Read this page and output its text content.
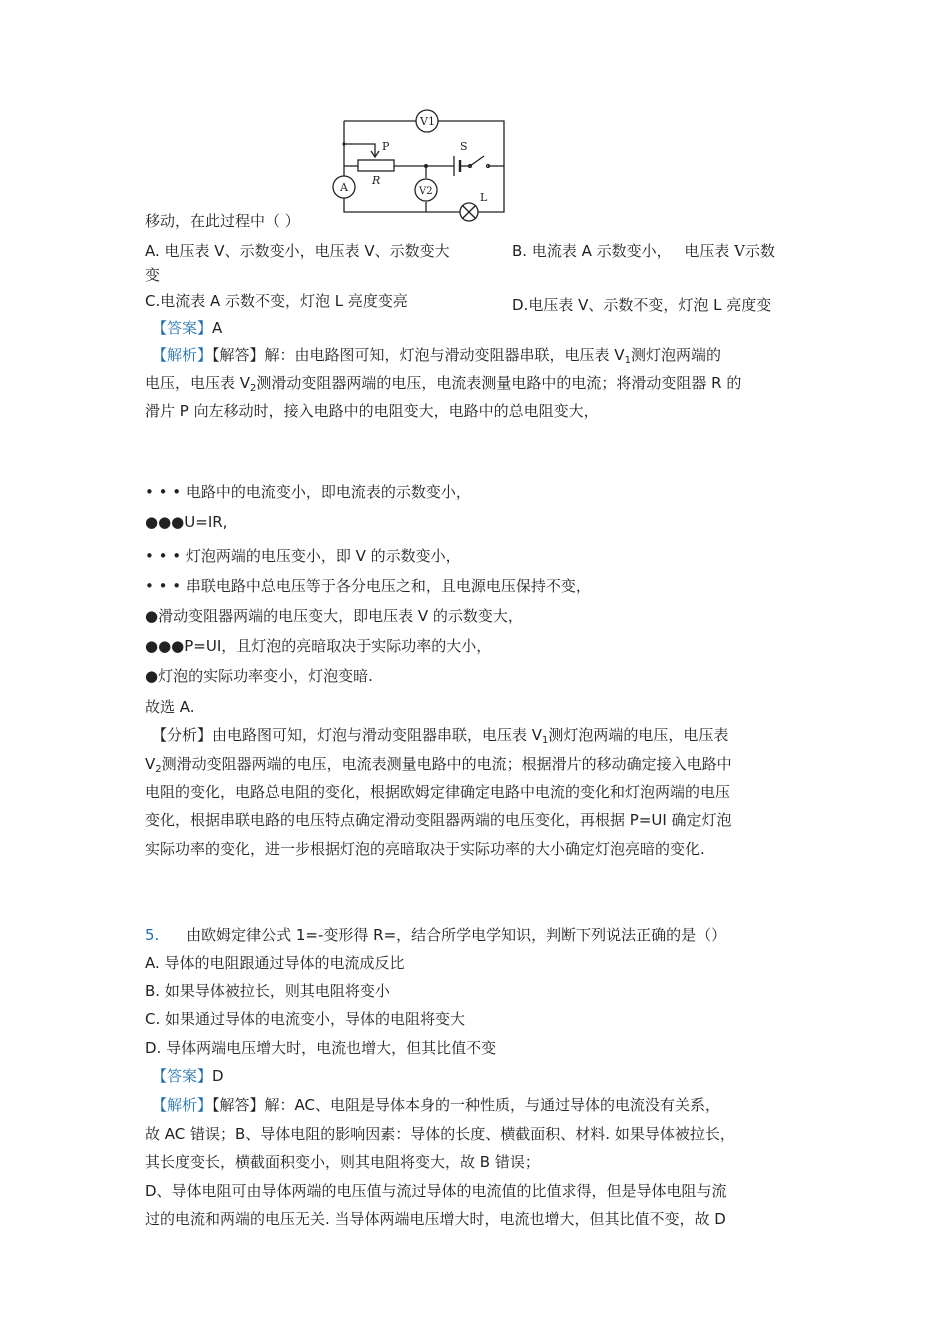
V1
P	S
A
R
V2	L
移动，在此过程中（ ）
A. 电压表 V、示数变小，电压表 V、示数变大	B. 电流表 A 示数变小， 电压表 V示数
变
C.电流表 A 示数不变，灯泡 L 亮度变亮	D.电压表 V、示数不变，灯泡 L 亮度变
【答案】A
【解析】【解答】解：由电路图可知，灯泡与滑动变阻器串联，电压表 $V_1$测灯泡两端的
电压，电压表 $V_2$测滑动变阻器两端的电压，电流表测量电路中的电流；将滑动变阻器 R 的
滑片 P 向左移动时，接入电路中的电阻变大，电路中的总电阻变大，
• • • 电路中的电流变小，即电流表的示数变小，
●●●U=IR,
• • • 灯泡两端的电压变小，即 V 的示数变小，
• • • 串联电路中总电压等于各分电压之和，且电源电压保持不变，
●滑动变阻器两端的电压变大，即电压表 V 的示数变大，
●●●P=UI，且灯泡的亮暗取决于实际功率的大小，
●灯泡的实际功率变小，灯泡变暗.
故选 A.
【分析】由电路图可知，灯泡与滑动变阻器串联，电压表 $V_1$测灯泡两端的电压，电压表
$V_2$测滑动变阻器两端的电压，电流表测量电路中的电流；根据滑片的移动确定接入电路中
电阻的变化，电路总电阻的变化，根据欧姆定律确定电路中电流的变化和灯泡两端的电压
变化，根据串联电路的电压特点确定滑动变阻器两端的电压变化，再根据 P=UI 确定灯泡
实际功率的变化，进一步根据灯泡的亮暗取决于实际功率的大小确定灯泡亮暗的变化.
5. 由欧姆定律公式 1=-变形得 R=，结合所学电学知识，判断下列说法正确的是（）
A. 导体的电阻跟通过导体的电流成反比
B. 如果导体被拉长，则其电阻将变小
C. 如果通过导体的电流变小，导体的电阻将变大
D. 导体两端电压增大时，电流也增大，但其比值不变
【答案】D
【解析】【解答】解：AC、电阻是导体本身的一种性质，与通过导体的电流没有关系，
故 AC 错误；B、导体电阻的影响因素：导体的长度、横截面积、材料. 如果导体被拉长，
其长度变长，横截面积变小，则其电阻将变大，故 B 错误；
D、导体电阻可由导体两端的电压值与流过导体的电流值的比值求得，但是导体电阻与流
过的电流和两端的电压无关. 当导体两端电压增大时，电流也增大，但其比值不变，故 D
